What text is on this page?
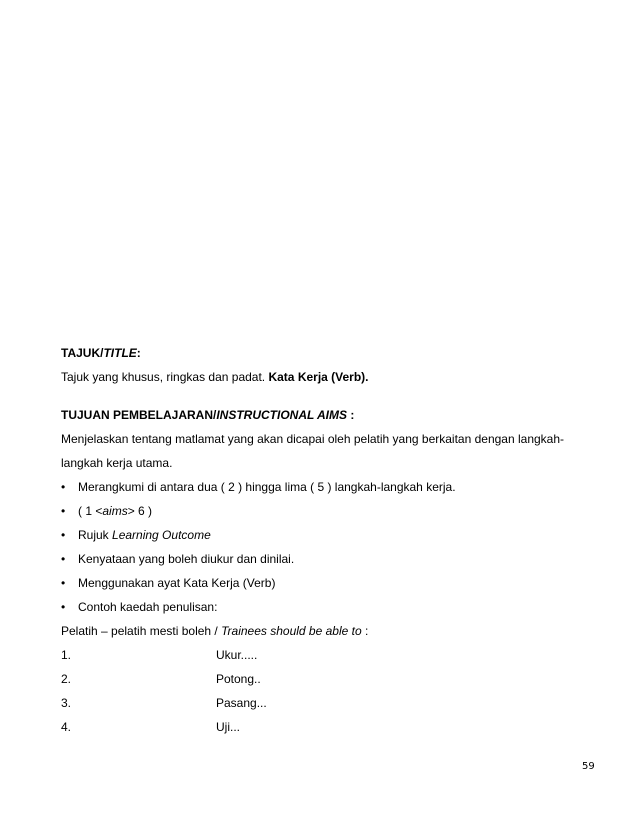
TAJUK/TITLE:
Tajuk yang khusus, ringkas dan padat. Kata Kerja (Verb).
TUJUAN PEMBELAJARAN/INSTRUCTIONAL AIMS :
Menjelaskan tentang matlamat yang akan dicapai oleh pelatih yang berkaitan dengan langkah-
langkah kerja utama.
• Merangkumi di antara dua ( 2 ) hingga lima ( 5 ) langkah-langkah kerja.
• ( 1 <aims> 6 )
• Rujuk Learning Outcome
• Kenyataan yang boleh diukur dan dinilai.
• Menggunakan ayat Kata Kerja (Verb)
• Contoh kaedah penulisan:
Pelatih – pelatih mesti boleh / Trainees should be able to :
1.	Ukur.....
2.	Potong..
3.	Pasang...
4.	Uji...
59
